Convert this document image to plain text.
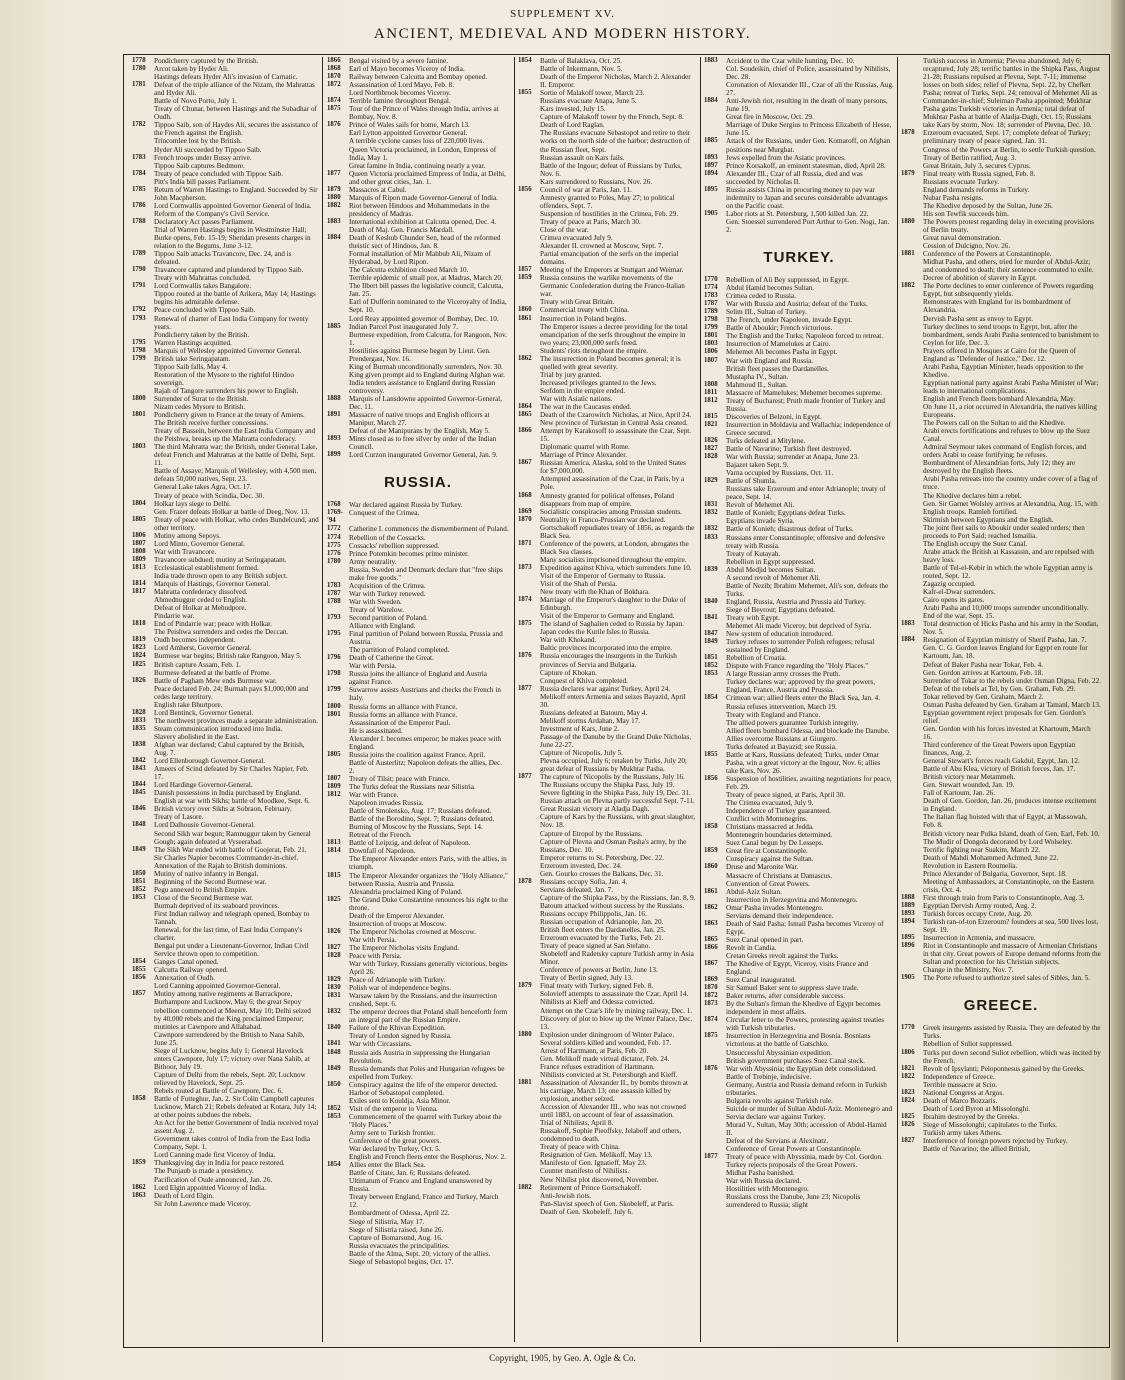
SUPPLEMENT XV.
ANCIENT, MEDIEVAL AND MODERN HISTORY.
1778	Pondicherry captured by the British.
1780	Arcot taken by Hyder Ali.
Hastings defeats Hyder Ali's invasion of Carnatic.
1781	Defeat of the triple alliance of the Nizam, the Mahrattas and Hyder Ali.
Battle of Novo Porto, July 1.
Treaty of Chunar, between Hastings and the Subadhar of Oudh.
1782	Tippoo Saib, son of Haydes Ali, secures the assistance of the French against the English.
Trincomlee lost by the British.
Hyder Ali succeeded by Tippoo Saib.
1783	French troops under Bussy arrive.
Tippoo Saib captures Bedmore.
1784	Treaty of peace concluded with Tippoo Saib.
Pitt's India bill passes Parliament.
1785	Return of Warren Hastings to England. Succeeded by Sir John Macpherson.
1786	Lord Cornwallis appointed Governor General of India.
Reform of the Company's Civil Service.
1788	Declaratory Act passes Parliament.
Trial of Warren Hastings begins in Westminster Hall; Burke opens, Feb. 15-19; Sheridan presents charges in relation to the Begums, June 3-12.
1789	Tippoo Saib attacks Travancore, Dec. 24, and is defeated.
1790	Travancore captured and plundered by Tippoo Saib.
Treaty with Mahrattas concluded.
1791	Lord Cornwallis takes Bangalore.
Tippoo routed at the battle of Arikera, May 14; Hastings begins his admirable defense.
1792	Peace concluded with Tippoo Saib.
1793	Renewal of charter of East India Company for twenty years.
Pondicherry taken by the British.
1795	Warren Hastings acquitted.
1798	Marquis of Wellesley appointed Governor General.
1799	British take Seringapatam.
Tippoo Saib falls, May 4.
Restoration of the Mysore to the rightful Hindoo sovereign.
Rajah of Tangore surrenders his power to English.
1800	Surrender of Surat to the British.
Nizam cedes Mysore to British.
1801	Pondicherry given to France at the treaty of Amiens.
The British receive further concessions.
Treaty of Bassein, between the East India Company and the Peishwa, breaks up the Mahratta confederacy.
1803	The third Mahratta war; the British, under General Lake, defeat French and Mahrattas at the battle of Delhi, Sept. 11.
Battle of Assaye; Marquis of Wellesley, with 4,500 men, defeats 50,000 natives, Sept. 23.
General Lake takes Agra, Oct. 17.
Treaty of peace with Scindia, Dec. 30.
1804	Holkar lays siege to Delhi.
Gen. Frazer defeats Holkar at battle of Deeg, Nov. 13.
1805	Treaty of peace with Holkar, who cedes Bundelcund, and other territory.
1806	Mutiny among Sepoys.
1807	Lord Minto, Governor General.
1808	War with Travancore.
1809	Travancore subdued; mutiny at Seringapatam.
1813	Ecclesiastical establishment formed.
India trade thrown open to any British subject.
1814	Marquis of Hastings, Governor General.
1817	Mahratta confederacy dissolved.
Ahmednuggur ceded to English.
Defeat of Holkar at Mehudpore.
Pindarrie war.
1818	End of Pindarrie war; peace with Holkar.
The Peishwa surrenders and cedes the Deccan.
1819	Oudh becomes independent.
1823	Lord Amherst, Governor General.
1824	Burmese war begins; British take Rangoon, May 5.
1825	British capture Assam, Feb. 1.
Burmese defeated at the battle of Prome.
1826	Battle of Pagham Mew ends Burmese war.
Peace declared Feb. 24; Burmah pays $1,000,000 and cedes large territory.
English take Bhurtpore.
1828	Lord Bentinck, Governor General.
1833	The northwest provinces made a separate administration.
1835	Steam communication introduced into India.
Slavery abolished in the East.
1838	Afghan war declared; Cabul captured by the British, Aug. 7.
1842	Lord Ellenborough Governor-General.
1843	Ameers of Scind defeated by Sir Charles Napier, Feb. 17.
1844	Lord Hardinge Governor-General.
1845	Danish possessions in India purchased by England.
English at war with Sikhs; battle of Moodkee, Sept. 6.
1846	British victory over Sikhs at Sobraon, February.
Treaty of Lasore.
1848	Lord Dalhousie Governor-General.
Second Sikh war begun; Ramnuggur taken by General Gough; again defeated at Vyseerabad.
1849	The Sikh War ended with battle of Goojerat, Feb. 21.
Sir Charles Napier becomes Commander-in-chief.
Annexation of the Rajah to British dominions.
1850	Mutiny of native infantry in Bengal.
1851	Beginning of the Second Burmese war.
1852	Pegu annexed to British Empire.
1853	Close of the Second Burmese war.
Burmah deprived of its seaboard provinces.
First Indian railway and telegraph opened, Bombay to Tannah.
Renewal, for the last time, of East India Company's charter.
Bengal put under a Lieutenant-Governor, Indian Civil Service thrown open to competition.
1854	Ganges Canal opened.
1855	Calcutta Railway opened.
1856	Annexation of Oudh.
Lord Canning appointed Governor-General.
1857	Mutiny among native regiments at Barrackpore, Burhampore and Lucknow, May 6; the great Sepoy rebellion commenced at Meerut, May 10; Delhi seized by 40,000 rebels and the King proclaimed Emperor; mutinies at Cawnpore and Allahabad.
Cawnpore surrendered by the British to Nana Sahib, June 25.
Siege of Lucknow, begins July 1; General Havelock enters Cawnpore, July 17; victory over Nana Sahib, at Bithoor, July 19.
Capture of Delhi from the rebels, Sept. 20; Lucknow relieved by Havelock, Sept. 25.
Rebels routed at Battle of Cawnpore, Dec. 6.
1858	Battle of Futteghur, Jan. 2. Sir Colin Campbell captures Lucknow, March 21; Rebels defeated at Kotara, July 14; at other points subdues the rebels.
An Act for the better Government of India received royal assent Aug. 2.
Government takes control of India from the East India Company, Sept. 1.
Lord Canning made first Viceroy of India.
1859	Thanksgiving day in India for peace restored.
The Punjaub is made a presidency.
Pacification of Oude announced, Jan. 26.
1862	Lord Elgin appointed Viceroy of India.
1863	Death of Lord Elgin.
Sir John Lawrence made Viceroy.
1866	Bengal visited by a severe famine.
1868	Earl of Mayo becomes Viceroy of India.
1870	Railway between Calcutta and Bombay opened.
1872	Assassination of Lord Mayo, Feb. 8.
Lord Northbrook becomes Viceroy.
1874	Terrible famine throughout Bengal.
1875	Tour of the Prince of Wales through India, arrives at Bombay, Nov. 8.
1876	Prince of Wales sails for home, March 13.
Earl Lytton appointed Governor General.
A terrible cyclone causes loss of 220,000 lives.
Queen Victoria proclaimed, in London, Empress of India, May 1.
Great famine in India, continuing nearly a year.
1877	Queen Victoria proclaimed Empress of India, at Delhi, and other great cities, Jan. 1.
1879	Massacres at Cabul.
1880	Marquis of Ripon made Governor-General of India.
1882	Riot between Hindoos and Mohammedans in the presidency of Madras.
1883	International exhibition at Calcutta opened, Dec. 4.
Death of Maj. Gen. Francis Mardall.
1884	Death of Keshub Chunder Sen, head of the reformed theistic sect of Hindoos, Jan. 8.
Formal installation of Mir Mahbub Ali, Nizam of Hyderabad, by Lord Ripon.
The Calcutta exhibition closed March 10.
Terrible epidemic of small pox, at Madras, March 20.
The Ilbert bill passes the legislative council, Calcutta, Jan. 25.
Earl of Dufferin nominated to the Viceroyalty of India, Sept. 10.
Lord Reay appointed governor of Bombay, Dec. 10.
1885	Indian Parcel Post inaugurated July 7.
Burmese expedition, from Calcutta, for Rangoon, Nov. 1.
Hostilities against Burmese begun by Lieut. Gen. Prendergast, Nov. 16.
King of Burmah unconditionally surrenders, Nov. 30.
King given prompt aid to England during Afghan war.
India tenders assistance to England during Russian controversy.
1888	Marquis of Lansdowne appointed Governor-General, Dec. 11.
1891	Massacre of native troops and English officers at Manipur, March 27.
Defeat of the Manipurans by the English, May 5.
1893	Mints closed as to free silver by order of the Indian Council.
1899	Lord Curzon inaugurated Governor General, Jan. 9.
RUSSIA.
1768	War declared against Russia by Turkey.
1769-'94
Conquest of the Crimea.
1772	Catherine I. commences the dismemberment of Poland.
1774	Rebellion of the Cossacks.
1775	Cossacks' rebellion suppressed.
1776	Prince Potemkin becomes prime minister.
1780	Army neutrality.
Russia, Sweden and Denmark declare that "free ships make free goods."
1783	Acquisition of the Crimea.
1787	War with Turkey renewed.
1788	War with Sweden.
Treaty of Warelow.
1793	Second partition of Poland.
Alliance with England.
1795	Final partition of Poland between Russia, Prussia and Austria.
The partition of Poland completed.
1796	Death of Catherine the Great.
War with Persia.
1798	Russia joins the alliance of England and Austria against France.
1799	Suwarrow assists Austrians and checks the French in Italy.
1800	Russia forms an alliance with France.
1801	Russia forms an alliance with France.
Assassination of the Emperor Paul.
He is assassinated.
Alexander I. becomes emperor; he makes peace with England.
1805	Russia joins the coalition against France, April.
Battle of Austerlitz; Napoleon defeats the allies, Dec. 2.
1807	Treaty of Tilsit; peace with France.
1809	The Turks defeat the Russians near Silistria.
1812	War with France.
Napoleon invades Russia.
Battle of Smolensko, Aug. 17; Russians defeated.
Battle of the Borodino, Sept. 7; Russians defeated.
Burning of Moscow by the Russians, Sept. 14.
Retreat of the French.
1813	Battle of Leipzig, and defeat of Napoleon.
1814	Downfall of Napoleon.
The Emperor Alexander enters Paris, with the allies, in triumph.
1815	The Emperor Alexander organizes the "Holy Alliance," between Russia, Austria and Prussia.
Alexandria proclaimed King of Poland.
1825	The Grand Duke Constantine renounces his right to the throne.
Death of the Emperor Alexander.
Insurrection of troops at Moscow.
1826	The Emperor Nicholas crowned at Moscow.
War with Persia.
1827	The Emperor Nicholas visits England.
1828	Peace with Persia.
War with Turkey, Russians generally victorious, begins April 26.
1829	Peace of Adrianople with Turkey.
1830	Polish war of independence begins.
1831	Warsaw taken by the Russians, and the insurrection crushed, Sept. 6.
1832	The emperor decrees that Poland shall henceforth form an integral part of the Russian Empire.
1840	Failure of the Khivan Expedition.
Treaty of London signed by Russia.
1841	War with Circassians.
1848	Russia aids Austria in suppressing the Hungarian Revolution.
1849	Russia demands that Poles and Hungarian refugees be expelled from Turkey.
1850	Conspiracy against the life of the emperor detected.
Harbor of Sebastopol completed.
Exiles sent to Kouldja, Asia Minor.
1852	Visit of the emperor to Vienna.
1853	Commencement of the quarrel with Turkey about the "Holy Places."
Army sent to Turkish frontier.
Conference of the great powers.
War declared by Turkey, Oct. 5.
English and French fleets enter the Bosphorus, Nov. 2.
1854	Allies enter the Black Sea.
Battle of Citate, Jan. 6; Russians defeated.
Ultimatum of France and England unanswered by Russia.
Treaty between England, France and Turkey, March 12.
Bombardment of Odessa, April 22.
Siege of Silistria, May 17.
Siege of Silistria raised, June 26.
Capture of Bomarsund, Aug. 16.
Russia evacuates the principalities.
Battle of the Alma, Sept. 20; victory of the allies.
Siege of Sebastopol begins, Oct. 17.
1854	Battle of Balaklava, Oct. 25.
Battle of Inkermann, Nov. 5.
Death of the Emperor Nicholas, March 2. Alexander II. Emperor.
1855	Sortie of Malakoff tower, March 23.
Russians evacuate Anapa, June 5.
Kars invested, July 15.
Capture of Malakoff tower by the French, Sept. 8.
Death of Lord Raglan.
The Russians evacuate Sebastopol and retire to their works on the north side of the harbor; destruction of the Russian fleet, Sept.
Russian assault on Kars fails.
Battle of the Ingour; defeat of Russians by Turks, Nov. 6.
Kars surrendered to Russians, Nov. 26.
1856	Council of war at Paris, Jan. 11.
Amnesty granted to Poles, May 27; to political offenders, Sept. 7.
Suspension of hostilities in the Crimea, Feb. 29.
Treaty of peace at Paris, March 30.
Close of the war.
Crimea evacuated July 9.
Alexander II. crowned at Moscow, Sept. 7.
Partial emancipation of the serfs on the imperial domains.
1857	Meeting of the Emperors at Stuttgart and Weimar.
1859	Russia censures the warlike movements of the Germanic Confederation during the Franco-Italian war.
Treaty with Great Britain.
1860	Commercial treaty with China.
1861	Insurrection in Poland begins.
The Emperor issues a decree providing for the total emancipation of the serfs throughout the empire in two years; 23,000,000 serfs freed.
Students' riots throughout the empire.
1862	The insurrection in Poland becomes general; it is quelled with great severity.
Trial by jury granted.
Increased privileges granted to the Jews.
Serfdom in the empire ended.
War with Asiatic nations.
1864	The war in the Caucasus ended.
1865	Death of the Czarowitch Nicholas, at Nice, April 24.
New province of Turkestan in Central Asia created.
1866	Attempt by Karakosoff to assassinate the Czar, Sept. 15.
Diplomatic quarrel with Rome.
Marriage of Prince Alexander.
1867	Russian America, Alaska, sold to the United States for $7,000,000.
Attempted assassination of the Czar, in Paris, by a Pole.
1868	Amnesty granted for political offenses, Poland disappears from map of empire.
1869	Socialistic conspiracies among Prussian students.
1870	Neutrality in Franco-Prussian war declared.
Gortschakoff repudiates treaty of 1856, as regards the Black Sea.
1871	Conference of the powers, at London, abrogates the Black Sea clauses.
Many socialists imprisoned throughout the empire.
1873	Expedition against Khiva, which surrenders June 10.
Visit of the Emperor of Germany to Russia.
Visit of the Shah of Persia.
New treaty with the Khan of Bokhara.
1874	Marriage of the Emperor's daughter to the Duke of Edinburgh.
Visit of the Emperor to Germany and England.
1875	The island of Saghalien ceded to Russia by Japan.
Japan cedes the Kurile Isles to Russia.
War with Khokand.
Baltic provinces incorporated into the empire.
1876	Russia encourages the insurgents in the Turkish provinces of Servia and Bulgaria.
Capture of Khokan.
Conquest of Khiva completed.
1877	Russia declares war against Turkey, April 24.
Melikoff enters Armenia and seizes Bayazid, April 30.
Russians defeated at Batoum, May 4.
Melikoff storms Ardahan, May 17.
Investment of Kars, June 2.
Passage of the Danube by the Grand Duke Nicholas, June 22-27.
Capture of Nicopolis, July 5.
Plevna occupied, July 6; retaken by Turks, July 20; great defeat of Russians by Mukhtar Pasha.
1877	The capture of Nicopolis by the Russians, July 16.
The Russians occupy the Shipka Pass, July 19.
Severe fighting in the Shipka Pass, July 19, Dec. 31.
Russian attack on Plevna partly successful Sept. 7-11.
Great Russian victory at Aladja Dagh.
Capture of Kars by the Russians, with great slaughter, Nov. 18.
Capture of Etropol by the Russians.
Capture of Plevna and Osman Pasha's army, by the Russians, Dec. 10.
Emperor returns to St. Petersburg, Dec. 22.
Erzeroum invested, Dec. 24.
Gen. Gourko crosses the Balkans, Dec. 31.
1878	Russians occupy Sofia, Jan. 4.
Servians defeated, Jan. 7.
Capture of the Shipka Pass, by the Russians, Jan. 8, 9.
Batoum attacked without success by the Russians.
Russians occupy Philippolis, Jan. 16.
Russian occupation of Adrianople, Jan. 20.
British fleet enters the Dardanelles, Jan. 25.
Erzeroum evacuated by the Turks, Feb. 21.
Treaty of peace signed at San Stefano.
Skobeleff and Radetsky capture Turkish army in Asia Minor.
Conference of powers at Berlin, June 13.
Treaty of Berlin signed, July 13.
1879	Final treaty with Turkey, signed Feb. 8.
Solovieff attempts to assassinate the Czar, April 14.
Nihilists at Kieff and Odessa convicted.
Attempt on the Czar's life by mining railway, Dec. 1.
Discovery of plot to blow up the Winter Palace, Dec. 13.
1880	Explosion under diningroom of Winter Palace.
Several soldiers killed and wounded, Feb. 17.
Arrest of Hartmann, at Paris, Feb. 20.
Gen. Melikoff made virtual dictator, Feb. 24.
France refuses extradition of Hartmann.
Nihilists convicted at St. Petersburgh and Kieff.
1881	Assassination of Alexander II., by bombs thrown at his carriage, March 13; one assassin killed by explosion, another seized.
Accession of Alexander III., who was not crowned until 1883, on account of fear of assassination.
Trial of Nihilists, April 8.
Russakoff, Sophie Pieoffsky, Jelaboff and others, condemned to death.
Treaty of peace with China.
Resignation of Gen. Melikoff, May 13.
Manifesto of Gen. Ignatieff, May 23.
Counter manifesto of Nihilists.
New Nihilist plot discovered, November.
1882	Retirement of Prince Gortschakoff.
Anti-Jewish riots.
Pan-Slavist speech of Gen. Skobeleff, at Paris.
Death of Gen. Skobeleff, July 6.
1883	Accident to the Czar while hunting, Dec. 10.
Col. Soudeikin, chief of Police, assassinated by Nihilists, Dec. 28.
Coronation of Alexander III., Czar of all the Russias, Aug. 27.
1884	Anti-Jewish riot, resulting in the death of many persons, June 19.
Great fire in Moscow, Oct. 29.
Marriage of Duke Sergius to Princess Elizabeth of Hesse, June 15.
1885	Attack of the Russians, under Gen. Komaroff, on Afghan positions near Murghat.
1893	Jews expelled from the Asiatic provinces.
1897	Prince Korsakoff, an eminent statesman, died, April 28.
1894	Alexander III., Czar of all Russia, died and was succeeded by Nicholas II.
1895	Russia assists China in procuring money to pay war indemnity to Japan and secures considerable advantages on the Pacific coast.
1905	Labor riots at St. Petersburg, 1,500 killed Jan. 22.
Gen. Stoessel surrendered Port Arthur to Gen. Nogi, Jan. 2.
TURKEY.
1770	Rebellion of Ali Bey suppressed, in Egypt.
1774	Abdul Hamid becomes Sultan.
1783	Crimea ceded to Russia.
1787	War with Russia and Austria; defeat of the Turks.
1789	Selim III., Sultan of Turkey.
1798	The French, under Napoleon, invade Egypt.
1799	Battle of Aboukir; French victorious.
1801	The English and the Turks; Napoleon forced to retreat.
1803	Insurrection of Mamelukes at Cairo.
1806	Mehemet Ali becomes Pasha in Egypt.
1807	War with England and Russia.
British fleet passes the Dardanelles.
Mustapha IV., Sultan.
1808	Mahmoud II., Sultan.
1811	Massacre of Mamelukes; Mehemet becomes supreme.
1812	Treaty of Bucharest; Pruth made frontier of Turkey and Russia.
1815	Discoveries of Belzoni, in Egypt.
1821	Insurrection in Moldavia and Wallachia; independence of Greece secured.
1826	Turks defeated at Mitylene.
1827	Battle of Navarino; Turkish fleet destroyed.
1828	War with Russia; surrender at Anapa, June 23.
Bajazet taken Sept. 9.
Varna occupied by Russians, Oct. 11.
1829	Battle of Shumla.
Russians take Erzeroum and enter Adrianople; treaty of peace, Sept. 14.
1831	Revolt of Mehemet Ali.
1832	Battle of Konieh; Egyptians defeat Turks.
Egyptians invade Syria.
1832	Battle of Konieh; disastrous defeat of Turks.
1833	Russians enter Constantinople; offensive and defensive treaty with Russia.
Treaty of Kutayah.
Rebellion in Egypt suppressed.
1839	Abdul Medjid becomes Sultan.
A second revolt of Mehemet Ali.
Battle of Nezib; Ibrahim Mehemet, Ali's son, defeats the Turks.
1840	England, Russia, Austria and Prussia aid Turkey.
Siege of Beyrout; Egyptians defeated.
1841	Treaty with Egypt.
Mehemet Ali made Viceroy, but deprived of Syria.
1847	New system of education introduced.
1849	Turkey refuses to surrender Polish refugees; refusal sustained by England.
1851	Rebellion of Croatia.
1852	Dispute with France regarding the "Holy Places."
1853	A large Russian army crosses the Pruth.
Turkey declares war; approved by the great powers, England, France, Austria and Prussia.
1854	Crimean war; allied fleets enter the Black Sea, Jan. 4.
Russia refuses intervention, March 19.
Treaty with England and France.
The allied powers guarantee Turkish integrity.
Allied fleets bombard Odessa, and blockade the Danube.
Allies overcome Russians at Giurgero.
Turks defeated at Bayazid; see Russia.
1855	Battle at Kars, Russians defeated; Turks, under Omar Pasha, win a great victory at the Ingour, Nov. 6; allies take Kars, Nov. 26.
1856	Suspension of hostilities, awaiting negotiations for peace, Feb. 29.
Treaty of peace signed, at Paris, April 30.
The Crimea evacuated, July 9.
Independence of Turkey guaranteed.
Conflict with Montenegrins.
1858	Christians massacred at Jedda.
Montenegrin boundaries determined.
Suez Canal begun by De Lesseps.
1859	Great fire at Constantinople.
Conspiracy against the Sultan.
1860	Druse and Maronite War.
Massacre of Christians at Damascus.
Convention of Great Powers.
1861	Abdul-Aziz Sultan.
Insurrection in Herzegovina and Montenegro.
1862	Omar Pasha invades Montenegro.
Servians demand their independence.
1863	Death of Said Pasha; Ismail Pasha becomes Viceroy of Egypt.
1865	Suez Canal opened in part.
1866	Revolt in Candia.
Cretan Greeks revolt against the Turks.
1867	The Khedive of Egypt, Viceroy, visits France and England.
1869	Suez Canal inaugurated.
1870	Sir Samuel Baker sent to suppress slave trade.
1872	Baker returns, after considerable success.
1873	By the Sultan's firman the Khedive of Egypt becomes independent in most affairs.
1874	Circular letter to the Powers, protesting against treaties with Turkish tributaries.
1875	Insurrection in Herzegovina and Bosnia. Bosnians victorious at the battle of Gatschko.
Unsuccessful Abyssinian expedition.
British government purchases Suez Canal stock.
1876	War with Abyssinia; the Egyptian debt consolidated.
Battle of Trebinje, indecisive.
Germany, Austria and Russia demand reform in Turkish tributaries.
Bulgaria revolts against Turkish rule.
Suicide or murder of Sultan Abdul-Aziz. Montenegro and Servia declare war against Turkey.
Murad V., Sultan, May 30th; accession of Abdul-Hamid II.
Defeat of the Servians at Alexinatz.
Conference of Great Powers at Constantinople.
1877	Treaty of peace with Abyssinia, made by Col. Gordon.
Turkey rejects proposals of the Great Powers.
Midhat Pasha banished.
War with Russia declared.
Hostilities with Montenegro.
Russians cross the Danube, June 23; Nicopolis surrendered to Russia; slight
Turkish success in Armenia; Plevna abandoned, July 6; recaptured, July 28; terrific battles in the Shipka Pass, August 21-28; Russians repulsed at Plevna, Sept. 7-11; immense losses on both sides; relief of Plevna, Sept. 22, by Chefket Pasha; retreat of Turks, Sept. 24; removal of Mehemet Ali as Commander-in-chief; Suleiman Pasha appointed; Mukhtar Pasha gains Turkish victories in Armenia; total defeat of Mukhtar Pasha at battle of Aladja-Dagh, Oct. 15; Russians take Kars by storm, Nov. 18; surrender of Plevna, Dec. 10.
1878	Erzeroum evacuated, Sept. 17; complete defeat of Turkey; preliminary treaty of peace signed, Jan. 31.
Congress of the Powers at Berlin, to settle Turkish question.
Treaty of Berlin ratified, Aug. 3.
Great Britain, July 3, secures Cyprus.
1879	Final treaty with Russia signed, Feb. 8.
Russians evacuate Turkey.
England demands reforms in Turkey.
Nubar Pasha resigns.
The Khedive deposed by the Sultan, June 26.
His son Tewfik succeeds him.
1880	The Powers protest regarding delay in executing provisions of Berlin treaty.
Great naval demonstration.
Cession of Dulcigno, Nov. 26.
1881	Conference of the Powers at Constantinople.
Midhat Pasha, and others, tried for murder of Abdul-Aziz; and condemned to death; their sentence commuted to exile.
Decree of abolition of slavery in Egypt.
1882	The Porte declines to enter conference of Powers regarding Egypt, but subsequently yields.
Remonstrates with England for its bombardment of Alexandria.
Dervish Pasha sent as envoy to Egypt.
Turkey declines to send troops to Egypt, but, after the bombardment, sends Arabi Pasha sentenced to banishment to Ceylon for life, Dec. 3.
Prayers offered in Mosques at Cairo for the Queen of England as "Defender of Justice," Dec. 12.
Arabi Pasha, Egyptian Minister, heads opposition to the Khedive.
Egyptian national party against Arabi Pasha Minister of War; leads to international complications.
English and French fleets bombard Alexandria, May.
On June 11, a riot occurred in Alexandria, the natives killing Europeans.
The Powers call on the Sultan to aid the Khedive.
Arabi erects fortifications and refuses to blow up the Suez Canal.
Admiral Seymour takes command of English forces, and orders Arabi to cease fortifying; he refuses.
Bombardment of Alexandrian forts, July 12; they are destroyed by the English fleets.
Arabi Pasha retreats into the country under cover of a flag of truce.
The Khedive declares him a rebel.
Gen. Sir Garnet Wolsley arrives at Alexandria, Aug. 15, with English troops. Ramleh fortified.
Skirmish between Egyptians and the English.
The joint fleet sails to Aboukir under sealed orders; then proceeds to Port Said; reached Ismailia.
The English occupy the Suez Canal.
Arabe attack the British at Kassassin, and are repulsed with heavy loss.
Battle of Tel-el-Kebir in which the whole Egyptian army is routed, Sept. 12.
Zagazig occupied.
Kafr-el-Dwar surrenders.
Cairo opens its gates.
Arabi Pasha and 10,000 troops surrender unconditionally.
End of the war, Sept. 15.
1883	Total destruction of Hicks Pasha and his army in the Soudan, Nov. 5.
1884	Resignation of Egyptian ministry of Sherif Pasha, Jan. 7.
Gen. C. G. Gordon leaves England for Egypt en route for Kartoum, Jan. 18.
Defeat of Baker Pasha near Tokar, Feb. 4.
Gen. Gordon arrives at Kartoum, Feb. 18.
Surrender of Tokar to the rebels under Osman Digna, Feb. 22.
Defeat of the rebels at Tel, by Gen. Graham, Feb. 29.
Tokar relieved by Gen. Graham, March 2.
Osman Pasha defeated by Gen. Graham at Tamanl, March 13.
Egyptian government reject proposals for Gen. Gordon's relief.
Gen. Gordon with his forces invested at Khartoum, March 16.
Third conference of the Great Powers upon Egyptian finances, Aug. 2.
General Stewart's forces reach Gakdul, Egypt, Jan. 12.
Battle of Abu Klea, victory of British forces, Jan. 17.
British victory near Metammeh.
Gen. Stewart wounded, Jan. 19.
Fall of Kartoum, Jan. 26.
Death of Gen. Gordon, Jan. 26, produces intense excitement in England.
The Italian flag hoisted with that of Egypt, at Massowah, Feb. 8.
British victory near Pulka Island, death of Gen. Earl, Feb. 10.
The Mudir of Dongola decorated by Lord Wolseley.
Terrific fighting near Suakim, March 22.
Death of Mahdi Mohammed Achmed, June 22.
Revolution in Eastern Roumelia.
Prince Alexander of Bulgaria, Governor, Sept. 18.
Meeting of Ambassadors, at Constantinople, on the Eastern crisis, Oct. 4.
1888	First through train from Paris to Constantinople, Aug. 3.
1889	Egyptian Dervish Army routed, Aug. 2.
1893	Turkish forces occupy Crete, Aug. 20.
1894	Turkish ran-of-ton Erzeroum? founders at sea, 500 lives lost, Sept. 19.
1895	Insurrection in Armenia, and massacre.
1896	Riot in Constantinople and massacre of Armenian Christians in that city. Great powers of Europe demand reforms from the Sultan and protection for his Christian subjects.
Change in the Ministry, Nov. 7.
1905	The Porte refused to authorize steel sales of Sibles, Jan. 5.
GREECE.
1770	Greek insurgents assisted by Russia. They are defeated by the Turks.
Rebellion of Suliot suppressed.
1806	Turks put down second Suliot rebellion, which was incited by the French.
1821	Revolt of Ipsylanti; Peloponnesus gained by the Greeks.
1822	Independence of Greece.
Terrible massacre at Scio.
1823	National Congress at Argos.
1824	Death of Marco Bozzaris.
Death of Lord Byron at Missolonghi.
1825	Ibrahim destroyed by the Greeks.
1826	Siege of Missolonghi; capitulates to the Turks.
Turkish army takes Athens.
1827	Interference of foreign powers rejected by Turkey.
Battle of Navarino; the allied British,
Copyright, 1905, by Geo. A. Ogle & Co.
